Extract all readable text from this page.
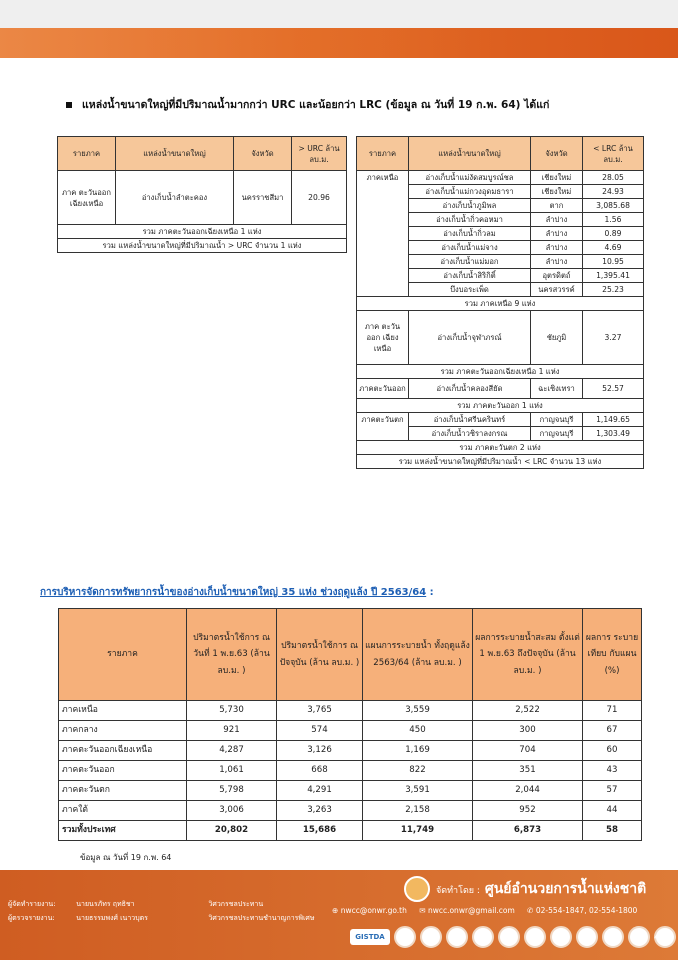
แหล่งน้ำขนาดใหญ่ที่มีปริมาณน้ำมากกว่า URC และน้อยกว่า LRC (ข้อมูล ณ วันที่ 19 ก.พ. 64) ได้แก่
รายภาค	แหล่งน้ำขนาดใหญ่	จังหวัด	> URC ล้าน ลบ.ม.
ภาค ตะวันออก เฉียงเหนือ	อ่างเก็บน้ำลำตะคอง	นครราชสีมา	20.96
รวม ภาคตะวันออกเฉียงเหนือ 1 แห่ง			
รวม แหล่งน้ำขนาดใหญ่ที่มีปริมาณน้ำ > URC จำนวน 1 แห่ง			
รายภาค	แหล่งน้ำขนาดใหญ่	จังหวัด	< LRC ล้าน ลบ.ม.
ภาคเหนือ	อ่างเก็บน้ำแม่งัดสมบูรณ์ชล	เชียงใหม่	28.05
	อ่างเก็บน้ำแม่กวงอุดมธารา	เชียงใหม่	24.93
	อ่างเก็บน้ำภูมิพล	ตาก	3,085.68
	อ่างเก็บน้ำกิ่วคอหมา	ลำปาง	1.56
	อ่างเก็บน้ำกิ่วลม	ลำปาง	0.89
	อ่างเก็บน้ำแม่จาง	ลำปาง	4.69
	อ่างเก็บน้ำแม่มอก	ลำปาง	10.95
	อ่างเก็บน้ำสิริกิติ์	อุตรดิตถ์	1,395.41
	บึงบอระเพ็ด	นครสวรรค์	25.23
รวม ภาคเหนือ 9 แห่ง			
ภาค ตะวันออก เฉียงเหนือ	อ่างเก็บน้ำจุฬาภรณ์	ชัยภูมิ	3.27
รวม ภาคตะวันออกเฉียงเหนือ 1 แห่ง			
ภาคตะวันออก	อ่างเก็บน้ำคลองสียัด	ฉะเชิงเทรา	52.57
รวม ภาคตะวันออก 1 แห่ง			
ภาคตะวันตก	อ่างเก็บน้ำศรีนครินทร์	กาญจนบุรี	1,149.65
	อ่างเก็บน้ำวชิราลงกรณ	กาญจนบุรี	1,303.49
รวม ภาคตะวันตก 2 แห่ง			
รวม แหล่งน้ำขนาดใหญ่ที่มีปริมาณน้ำ < LRC จำนวน 13 แห่ง			
การบริหารจัดการทรัพยากรน้ำของอ่างเก็บน้ำขนาดใหญ่ 35 แห่ง ช่วงฤดูแล้ง ปี 2563/64 :
รายภาค	ปริมาตรน้ำใช้การ ณ วันที่ 1 พ.ย.63 (ล้าน ลบ.ม. )	ปริมาตรน้ำใช้การ ณ ปัจจุบัน (ล้าน ลบ.ม. )	แผนการระบายน้ำ ทั้งฤดูแล้ง 2563/64 (ล้าน ลบ.ม. )	ผลการระบายน้ำสะสม ตั้งแต่ 1 พ.ย.63 ถึงปัจจุบัน (ล้าน ลบ.ม. )	ผลการ ระบายเทียบ กับแผน (%)
ภาคเหนือ	5,730	3,765	3,559	2,522	71
ภาคกลาง	921	574	450	300	67
ภาคตะวันออกเฉียงเหนือ	4,287	3,126	1,169	704	60
ภาคตะวันออก	1,061	668	822	351	43
ภาคตะวันตก	5,798	4,291	3,591	2,044	57
ภาคใต้	3,006	3,263	2,158	952	44
รวมทั้งประเทศ	20,802	15,686	11,749	6,873	58
ข้อมูล ณ วันที่ 19 ก.พ. 64
ผู้จัดทำรายงาน:	นายนรภัทร ฤทธิชา	วิศวกรชลประทาน
ผู้ตรวจรายงาน:	นายธรรมพงศ์ เนาวบุตร	วิศวกรชลประทานชำนาญการพิเศษ
จัดทำโดย : ศูนย์อำนวยการน้ำแห่งชาติ
⊕ nwcc@onwr.go.th ✉ nwcc.onwr@gmail.com ✆ 02-554-1847, 02-554-1800
GISTDA	4
